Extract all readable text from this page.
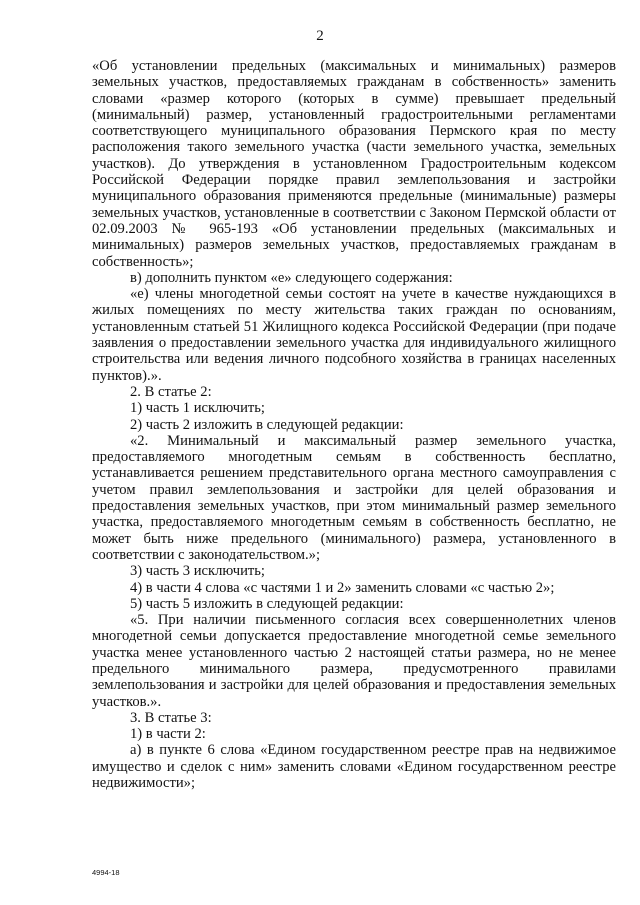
2

«Об установлении предельных (максимальных и минимальных) размеров земельных участков, предоставляемых гражданам в собственность» заменить словами «размер которого (которых в сумме) превышает предельный (минимальный) размер, установленный градостроительными регламентами соответствующего муниципального образования Пермского края по месту расположения такого земельного участка (части земельного участка, земельных участков). До утверждения в установленном Градостроительным кодексом Российской Федерации порядке правил землепользования и застройки муниципального образования применяются предельные (минимальные) размеры земельных участков, установленные в соответствии с Законом Пермской области от 02.09.2003 № 965-193 «Об установлении предельных (максимальных и минимальных) размеров земельных участков, предоставляемых гражданам в собственность»;

в) дополнить пунктом «е» следующего содержания:

«е) члены многодетной семьи состоят на учете в качестве нуждающихся в жилых помещениях по месту жительства таких граждан по основаниям, установленным статьей 51 Жилищного кодекса Российской Федерации (при подаче заявления о предоставлении земельного участка для индивидуального жилищного строительства или ведения личного подсобного хозяйства в границах населенных пунктов).».

2. В статье 2:

1) часть 1 исключить;

2) часть 2 изложить в следующей редакции:

«2. Минимальный и максимальный размер земельного участка, предоставляемого многодетным семьям в собственность бесплатно, устанавливается решением представительного органа местного самоуправления с учетом правил землепользования и застройки для целей образования и предоставления земельных участков, при этом минимальный размер земельного участка, предоставляемого многодетным семьям в собственность бесплатно, не может быть ниже предельного (минимального) размера, установленного в соответствии с законодательством.»;

3) часть 3 исключить;

4) в части 4 слова «с частями 1 и 2» заменить словами «с частью 2»;

5) часть 5 изложить в следующей редакции:

«5. При наличии письменного согласия всех совершеннолетних членов многодетной семьи допускается предоставление многодетной семье земельного участка менее установленного частью 2 настоящей статьи размера, но не менее предельного минимального размера, предусмотренного правилами землепользования и застройки для целей образования и предоставления земельных участков.».

3. В статье 3:

1) в части 2:

а) в пункте 6 слова «Едином государственном реестре прав на недвижимое имущество и сделок с ним» заменить словами «Едином государственном реестре недвижимости»;

4994-18
